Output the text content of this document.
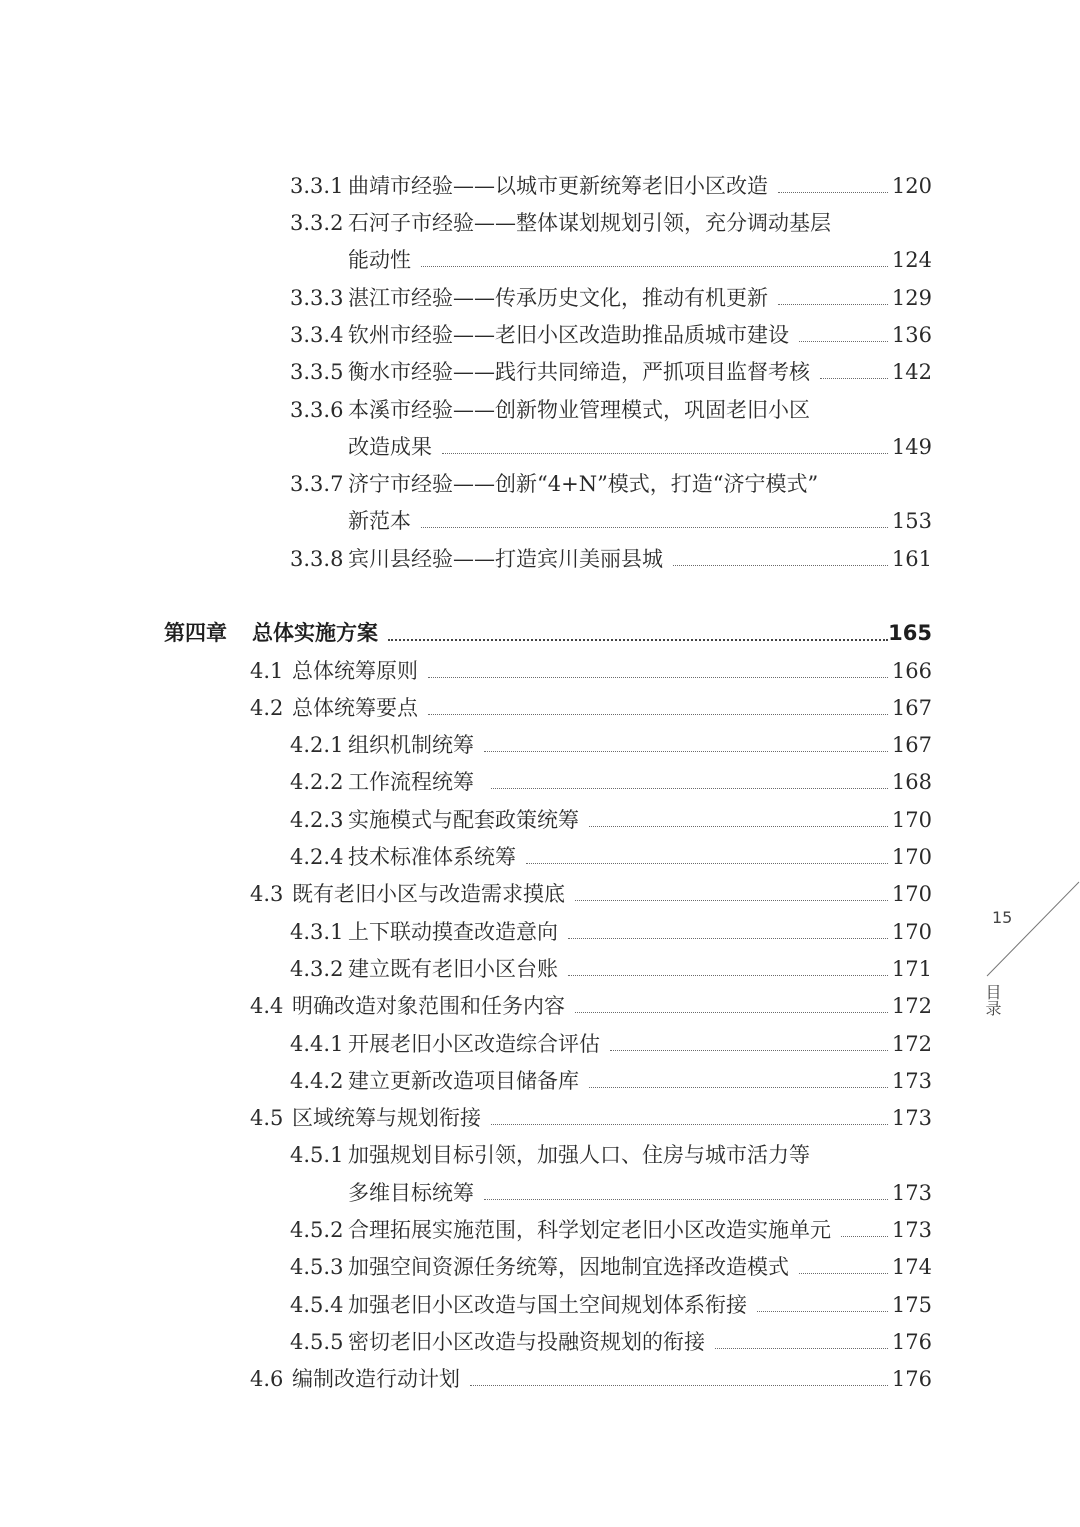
3.3.1 曲靖市经验——以城市更新统筹老旧小区改造	120
3.3.2 石河子市经验——整体谋划规划引领，充分调动基层
能动性	124
3.3.3 湛江市经验——传承历史文化，推动有机更新	129
3.3.4 钦州市经验——老旧小区改造助推品质城市建设	136
3.3.5 衡水市经验——践行共同缔造，严抓项目监督考核	142
3.3.6 本溪市经验——创新物业管理模式，巩固老旧小区
改造成果	149
3.3.7 济宁市经验——创新“4+N”模式，打造“济宁模式”
新范本	153
3.3.8 宾川县经验——打造宾川美丽县城	161
第四章 总体实施方案	165
4.1 总体统筹原则	166
4.2 总体统筹要点	167
4.2.1 组织机制统筹	167
4.2.2 工作流程统筹	168
4.2.3 实施模式与配套政策统筹	170
4.2.4 技术标准体系统筹	170
4.3 既有老旧小区与改造需求摸底	170
4.3.1 上下联动摸查改造意向	170
4.3.2 建立既有老旧小区台账	171
4.4 明确改造对象范围和任务内容	172
4.4.1 开展老旧小区改造综合评估	172
4.4.2 建立更新改造项目储备库	173
4.5 区域统筹与规划衔接	173
4.5.1 加强规划目标引领，加强人口、住房与城市活力等
多维目标统筹	173
4.5.2 合理拓展实施范围，科学划定老旧小区改造实施单元	173
4.5.3 加强空间资源任务统筹，因地制宜选择改造模式	174
4.5.4 加强老旧小区改造与国土空间规划体系衔接	175
4.5.5 密切老旧小区改造与投融资规划的衔接	176
4.6 编制改造行动计划	176
15
目录
